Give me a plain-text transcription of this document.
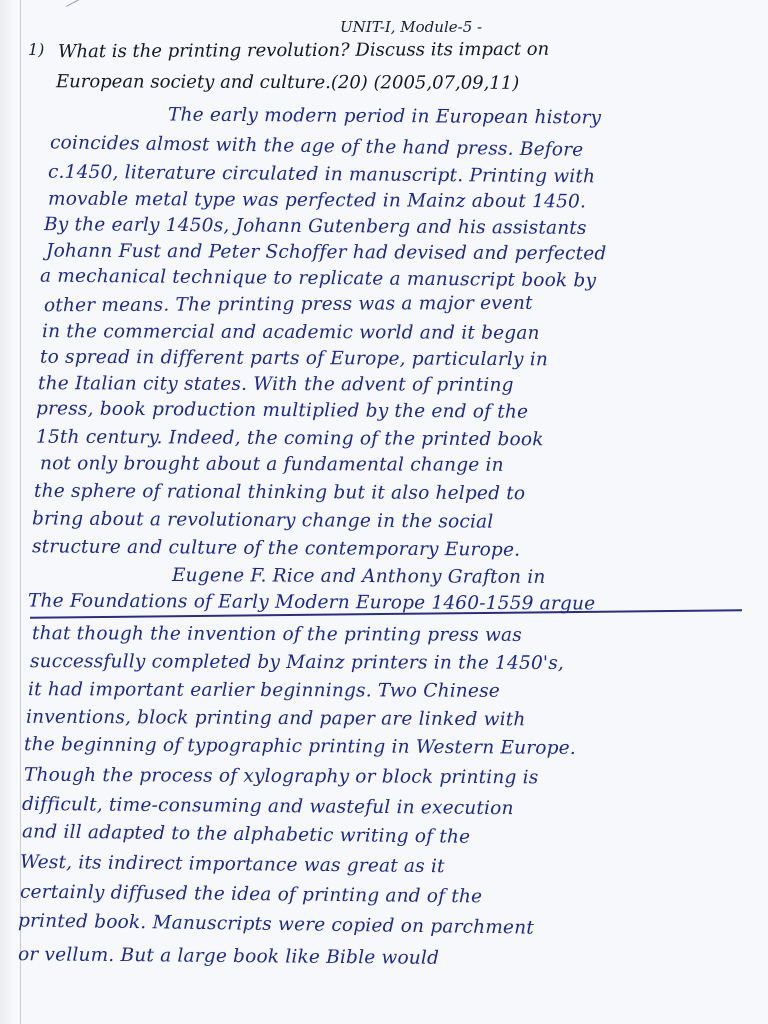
UNIT-I, Module-5 -
1) What is the printing revolution? Discuss its impact on
European society and culture.(20) (2005,07,09,11)
The early modern period in European history
coincides almost with the age of the hand press. Before
c.1450, literature circulated in manuscript. Printing with
movable metal type was perfected in Mainz about 1450.
By the early 1450s, Johann Gutenberg and his assistants
Johann Fust and Peter Schoffer had devised and perfected
a mechanical technique to replicate a manuscript book by
other means. The printing press was a major event
in the commercial and academic world and it began
to spread in different parts of Europe, particularly in
the Italian city states. With the advent of printing
press, book production multiplied by the end of the
15th century. Indeed, the coming of the printed book
not only brought about a fundamental change in
the sphere of rational thinking but it also helped to
bring about a revolutionary change in the social
structure and culture of the contemporary Europe.
Eugene F. Rice and Anthony Grafton in
The Foundations of Early Modern Europe 1460-1559 argue
that though the invention of the printing press was
successfully completed by Mainz printers in the 1450's,
it had important earlier beginnings. Two Chinese
inventions, block printing and paper are linked with
the beginning of typographic printing in Western Europe.
Though the process of xylography or block printing is
difficult, time-consuming and wasteful in execution
and ill adapted to the alphabetic writing of the
West, its indirect importance was great as it
certainly diffused the idea of printing and of the
printed book. Manuscripts were copied on parchment
or vellum. But a large book like Bible would
